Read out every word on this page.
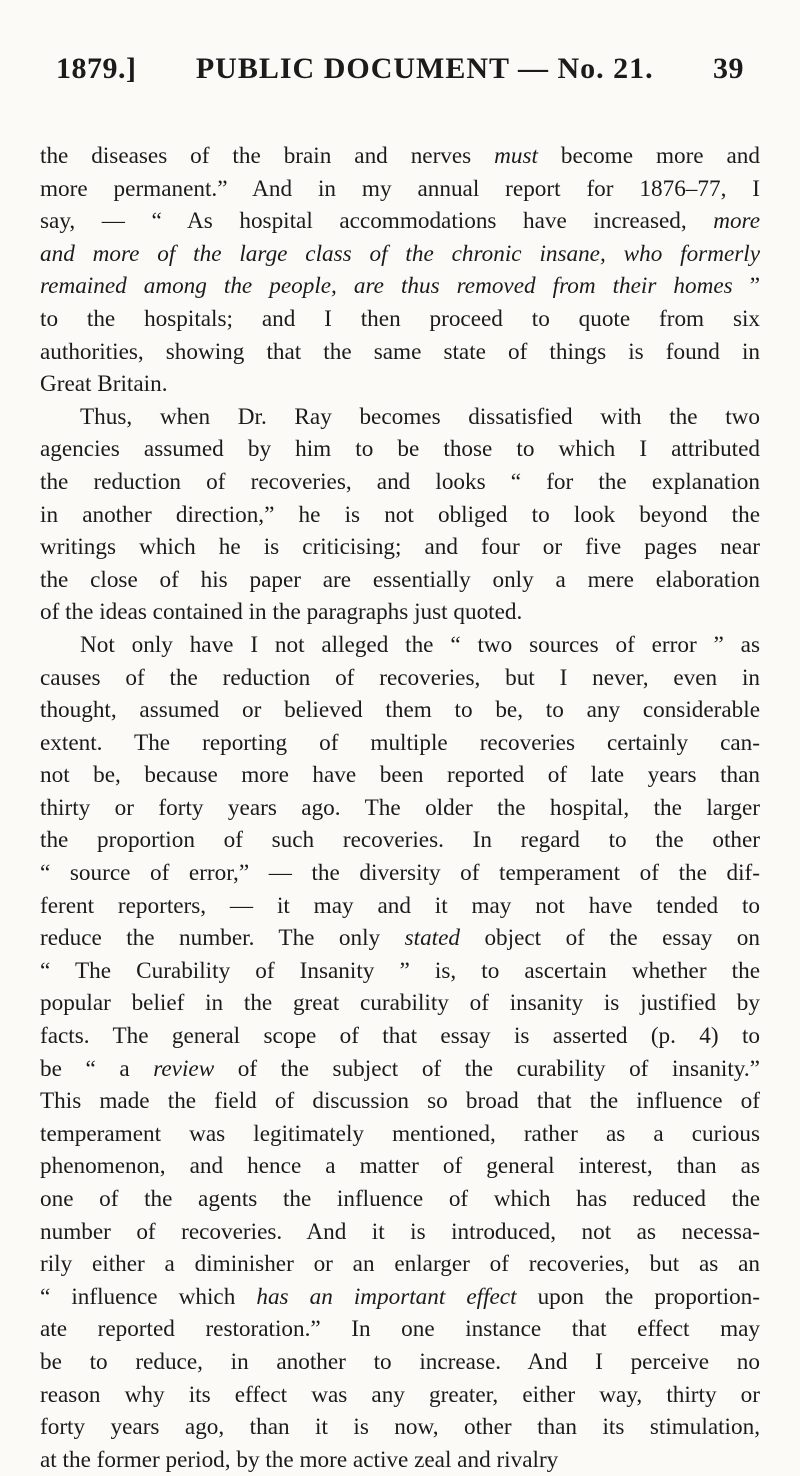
1879.] PUBLIC DOCUMENT — No. 21. 39
the diseases of the brain and nerves must become more and
more permanent.” And in my annual report for 1876–77, I
say, — “ As hospital accommodations have increased, more
and more of the large class of the chronic insane, who formerly
remained among the people, are thus removed from their homes ”
to the hospitals; and I then proceed to quote from six
authorities, showing that the same state of things is found in
Great Britain.
Thus, when Dr. Ray becomes dissatisfied with the two
agencies assumed by him to be those to which I attributed
the reduction of recoveries, and looks “ for the explanation
in another direction,” he is not obliged to look beyond the
writings which he is criticising; and four or five pages near
the close of his paper are essentially only a mere elaboration
of the ideas contained in the paragraphs just quoted.
Not only have I not alleged the “ two sources of error ” as
causes of the reduction of recoveries, but I never, even in
thought, assumed or believed them to be, to any considerable
extent. The reporting of multiple recoveries certainly can-
not be, because more have been reported of late years than
thirty or forty years ago. The older the hospital, the larger
the proportion of such recoveries. In regard to the other
“ source of error,” — the diversity of temperament of the dif-
ferent reporters, — it may and it may not have tended to
reduce the number. The only stated object of the essay on
“ The Curability of Insanity ” is, to ascertain whether the
popular belief in the great curability of insanity is justified by
facts. The general scope of that essay is asserted (p. 4) to
be “ a review of the subject of the curability of insanity.”
This made the field of discussion so broad that the influence of
temperament was legitimately mentioned, rather as a curious
phenomenon, and hence a matter of general interest, than as
one of the agents the influence of which has reduced the
number of recoveries. And it is introduced, not as necessa-
rily either a diminisher or an enlarger of recoveries, but as an
“ influence which has an important effect upon the proportion-
ate reported restoration.” In one instance that effect may
be to reduce, in another to increase. And I perceive no
reason why its effect was any greater, either way, thirty or
forty years ago, than it is now, other than its stimulation,
at the former period, by the more active zeal and rivalry
